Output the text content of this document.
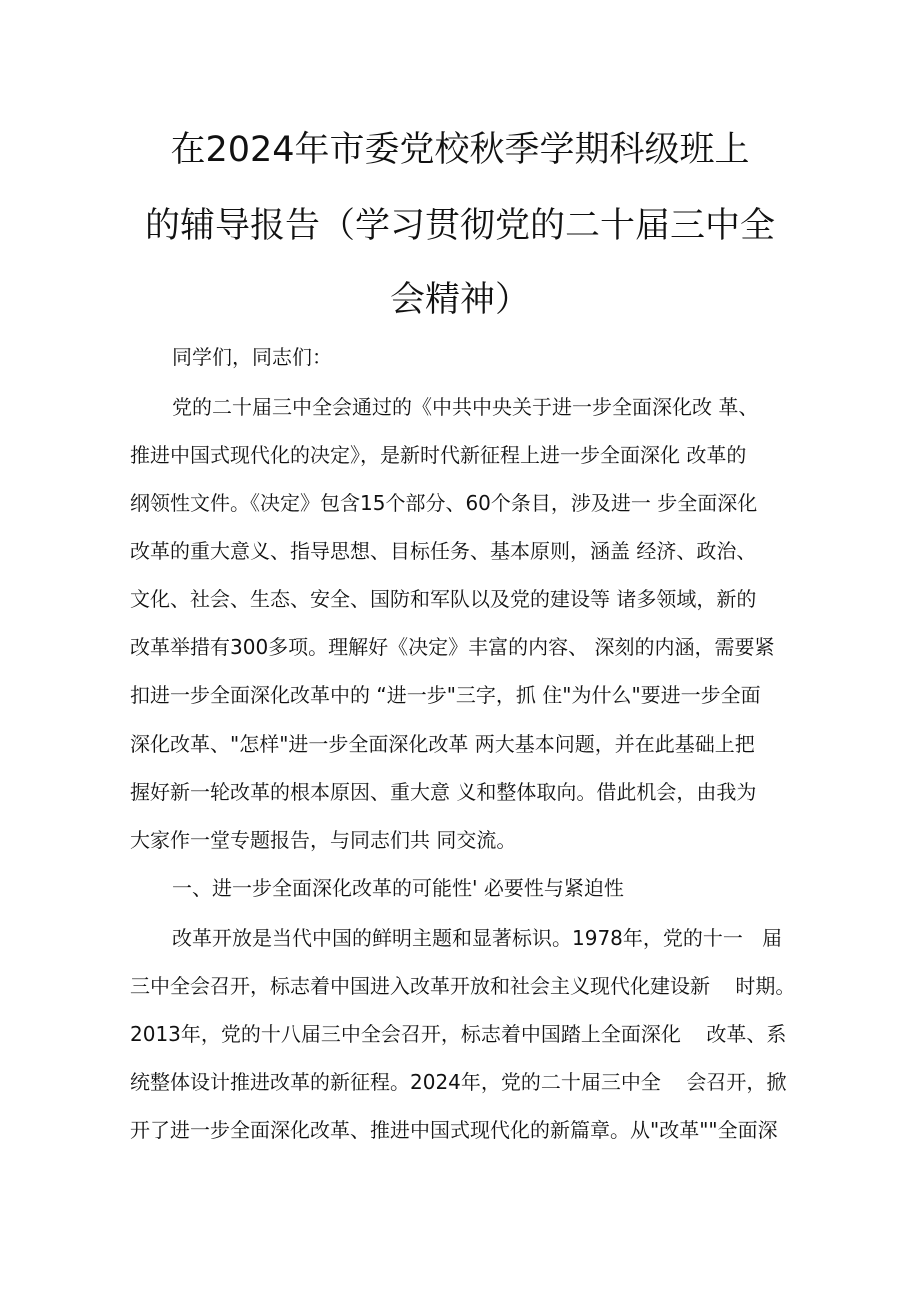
在2024年市委党校秋季学期科级班上
的辅导报告（学习贯彻党的二十届三中全
会精神）
同学们，同志们：
党的二十届三中全会通过的《中共中央关于进一步全面深化改 革、
推进中国式现代化的决定》，是新时代新征程上进一步全面深化 改革的
纲领性文件。《决定》包含15个部分、60个条目，涉及进一 步全面深化
改革的重大意义、指导思想、目标任务、基本原则，涵盖 经济、政治、
文化、社会、生态、安全、国防和军队以及党的建设等 诸多领域，新的
改革举措有300多项。理解好《决定》丰富的内容、 深刻的内涵，需要紧
扣进一步全面深化改革中的 “进一步"三字，抓 住"为什么"要进一步全面
深化改革、"怎样"进一步全面深化改革 两大基本问题，并在此基础上把
握好新一轮改革的根本原因、重大意 义和整体取向。借此机会，由我为
大家作一堂专题报告，与同志们共 同交流。
一、进一步全面深化改革的可能性' 必要性与紧迫性
改革开放是当代中国的鲜明主题和显著标识。1978年，党的十一   届
三中全会召开，标志着中国进入改革开放和社会主义现代化建设新    时期。
2013年，党的十八届三中全会召开，标志着中国踏上全面深化    改革、系
统整体设计推进改革的新征程。2024年，党的二十届三中全    会召开，掀
开了进一步全面深化改革、推进中国式现代化的新篇章。从"改革""全面深
